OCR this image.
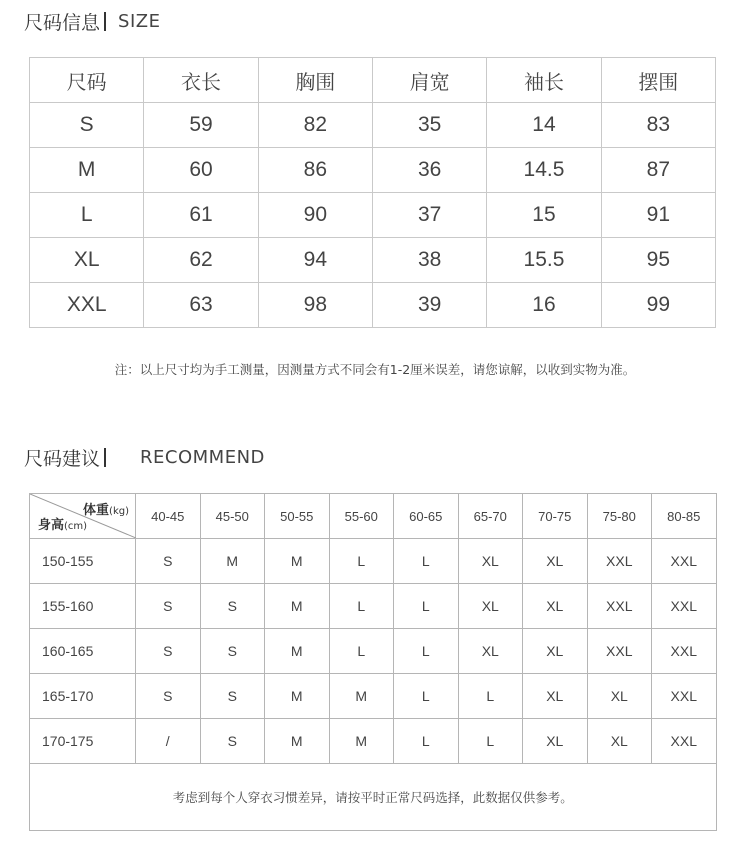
尺码信息 SIZE
尺码	衣长	胸围	肩宽	袖长	摆围
S	59	82	35	14	83
M	60	86	36	14.5	87
L	61	90	37	15	91
XL	62	94	38	15.5	95
XXL	63	98	39	16	99
注：以上尺寸均为手工测量，因测量方式不同会有1-2厘米误差，请您谅解，以收到实物为准。
尺码建议 RECOMMEND
体重(kg)
身高(cm)	40-45	45-50	50-55	55-60	60-65	65-70	70-75	75-80	80-85
150-155	S	M	M	L	L	XL	XL	XXL	XXL
155-160	S	S	M	L	L	XL	XL	XXL	XXL
160-165	S	S	M	L	L	XL	XL	XXL	XXL
165-170	S	S	M	M	L	L	XL	XL	XXL
170-175	/	S	M	M	L	L	XL	XL	XXL
考虑到每个人穿衣习惯差异，请按平时正常尺码选择，此数据仅供参考。									
